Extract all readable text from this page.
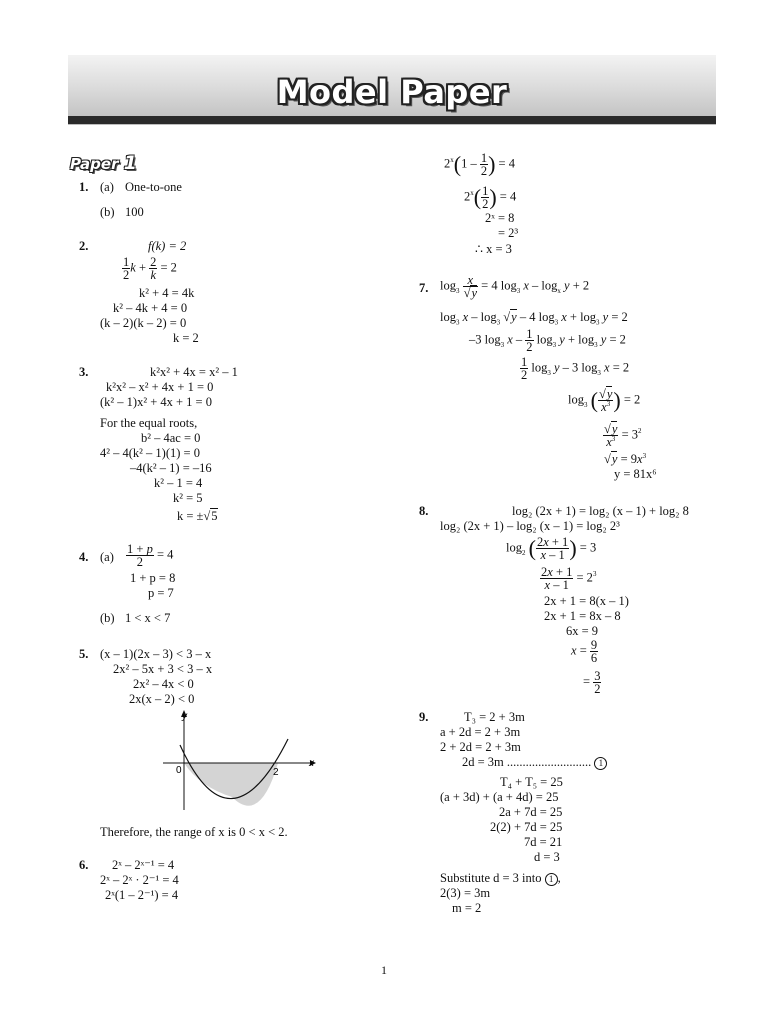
Model Paper
Paper 1
1. (a) One-to-one
(b) 100
2.	f(k) = 2
$\frac{1}{2}$ $k + \frac{2}{k} = 2$
k² + 4 = 4k
k² – 4k + 4 = 0
(k – 2)(k – 2) = 0
k = 2
3.	k²x² + 4x = x² – 1
k²x² – x² + 4x + 1 = 0
(k² – 1)x² + 4x + 1 = 0
For the equal roots,
b² – 4ac = 0
4² – 4(k² – 1)(1) = 0
–4(k² – 1) = –16
k² – 1 = 4
k² = 5
k = ±√5
4. $(a) \frac{1 + p}{2} = 4$
1 + p = 8
p = 7
(b) 1 < x < 7
5. (x – 1)(2x – 3) < 3 – x
2x² – 5x + 3 < 3 – x
2x² – 4x < 0
2x(x – 2) < 0
y
x
0	2
Therefore, the range of x is 0 < x < 2.
6. 2ˣ – 2ˣ⁻¹ = 4
2ˣ – 2ˣ · 2⁻¹ = 4
2ˣ(1 – 2⁻¹) = 4
$2^x(1 - \frac{1}{2}$ ) = 4
$2^x( \frac{1}{2}$ ) = 4
2ˣ = 8
= 2³
∴ x = 3
7. $\log_3 \frac{x}{√y} = 4$ $\log_3 x - \log_x y + 2$
$\log_3 x - \log_3 √y - 4$ $\log_3 x + \log_3 y = 2$
–3 $\log_3 x - \frac{1}{2} \log_3 y + \log_3 y = 2$
$\frac{1}{2} \log_3 y - 3$ $\log_3 x = 2$
$\log_3$ ( $\frac{√y}{x^3}$ ) = 2
$\frac{√y}{x^3} = 3^2$
$√y = 9x^3$
y = 81x⁶
8.	log₂ (2x + 1) = log₂ (x – 1) + log₂ 8
log₂ (2x + 1) – log₂ (x – 1) = log₂ 2³
$\log_2$ ( $\frac{2x + 1}{x - 1}$ ) = 3
$\frac{2x + 1}{x - 1} = 2^3$
2x + 1 = 8(x – 1)
2x + 1 = 8x – 8
6x = 9
$x = \frac{9}{6}$
= $\frac{3}{2}$
9.	T₃ = 2 + 3m
a + 2d = 2 + 3m
2 + 2d = 2 + 3m
2d = 3m ........................... 1
T₄ + T₅ = 25
(a + 3d) + (a + 4d) = 25
2a + 7d = 25
2(2) + 7d = 25
7d = 21
d = 3
Substitute d = 3 into 1 ,
2(3) = 3m
m = 2
1
